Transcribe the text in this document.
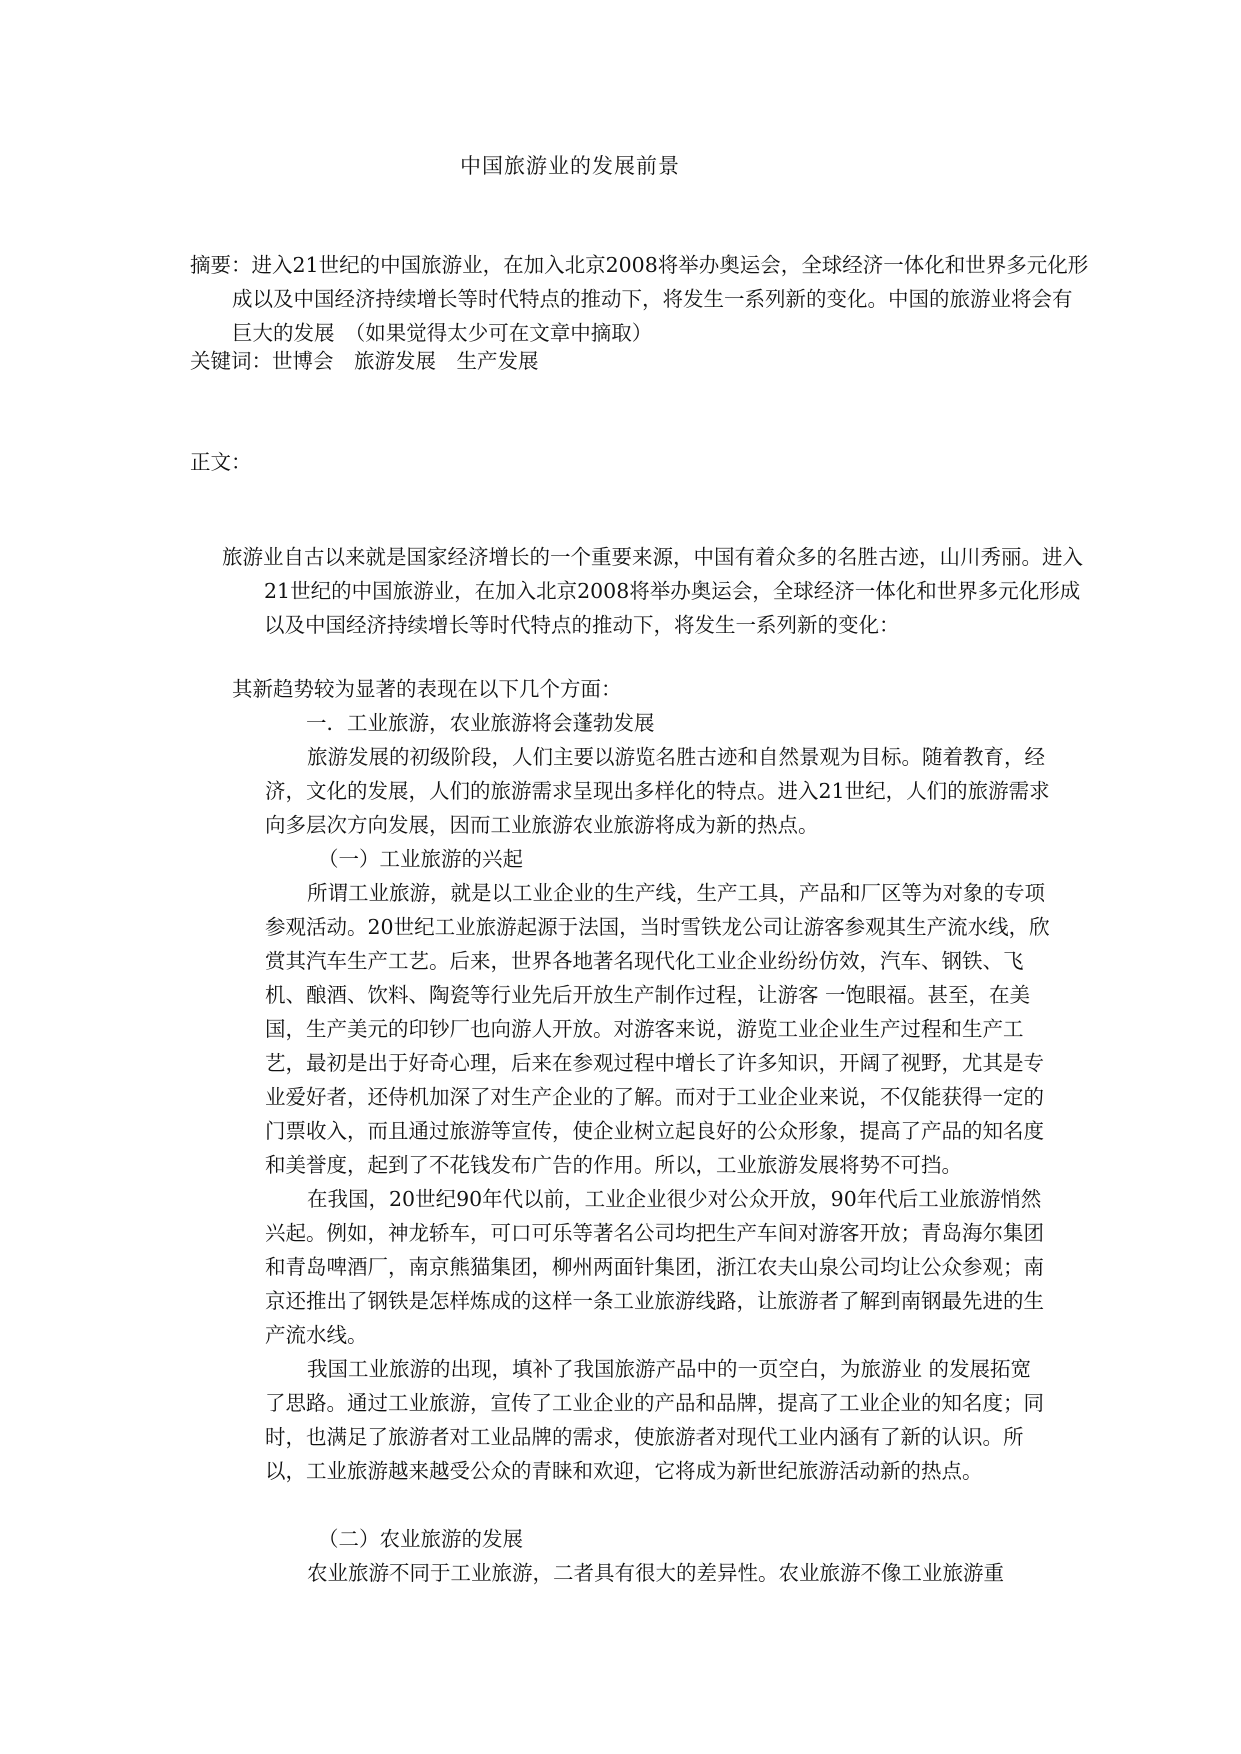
中国旅游业的发展前景
摘要：进入21世纪的中国旅游业，在加入北京2008将举办奥运会，全球经济一体化和世界多元化形成以及中国经济持续增长等时代特点的推动下，将发生一系列新的变化。中国的旅游业将会有巨大的发展　（如果觉得太少可在文章中摘取）
关键词：世博会　旅游发展　生产发展
正文：
旅游业自古以来就是国家经济增长的一个重要来源，中国有着众多的名胜古迹，山川秀丽。进入21世纪的中国旅游业，在加入北京2008将举办奥运会，全球经济一体化和世界多元化形成以及中国经济持续增长等时代特点的推动下，将发生一系列新的变化：
其新趋势较为显著的表现在以下几个方面：
一．工业旅游，农业旅游将会蓬勃发展
旅游发展的初级阶段，人们主要以游览名胜古迹和自然景观为目标。随着教育，经济，文化的发展，人们的旅游需求呈现出多样化的特点。进入21世纪，人们的旅游需求向多层次方向发展，因而工业旅游农业旅游将成为新的热点。
（一）工业旅游的兴起
所谓工业旅游，就是以工业企业的生产线，生产工具，产品和厂区等为对象的专项参观活动。20世纪工业旅游起源于法国，当时雪铁龙公司让游客参观其生产流水线，欣赏其汽车生产工艺。后来，世界各地著名现代化工业企业纷纷仿效，汽车、钢铁、飞机、酿酒、饮料、陶瓷等行业先后开放生产制作过程，让游客 一饱眼福。甚至，在美国，生产美元的印钞厂也向游人开放。对游客来说，游览工业企业生产过程和生产工艺，最初是出于好奇心理，后来在参观过程中增长了许多知识，开阔了视野，尤其是专业爱好者，还侍机加深了对生产企业的了解。而对于工业企业来说，不仅能获得一定的门票收入，而且通过旅游等宣传，使企业树立起良好的公众形象，提高了产品的知名度和美誉度，起到了不花钱发布广告的作用。所以，工业旅游发展将势不可挡。
在我国，20世纪90年代以前，工业企业很少对公众开放，90年代后工业旅游悄然兴起。例如，神龙轿车，可口可乐等著名公司均把生产车间对游客开放；青岛海尔集团和青岛啤酒厂，南京熊猫集团，柳州两面针集团，浙江农夫山泉公司均让公众参观；南京还推出了钢铁是怎样炼成的这样一条工业旅游线路，让旅游者了解到南钢最先进的生产流水线。
我国工业旅游的出现，填补了我国旅游产品中的一页空白，为旅游业 的发展拓宽了思路。通过工业旅游，宣传了工业企业的产品和品牌，提高了工业企业的知名度；同时，也满足了旅游者对工业品牌的需求，使旅游者对现代工业内涵有了新的认识。所以，工业旅游越来越受公众的青睐和欢迎，它将成为新世纪旅游活动新的热点。
（二）农业旅游的发展
农业旅游不同于工业旅游，二者具有很大的差异性。农业旅游不像工业旅游重
